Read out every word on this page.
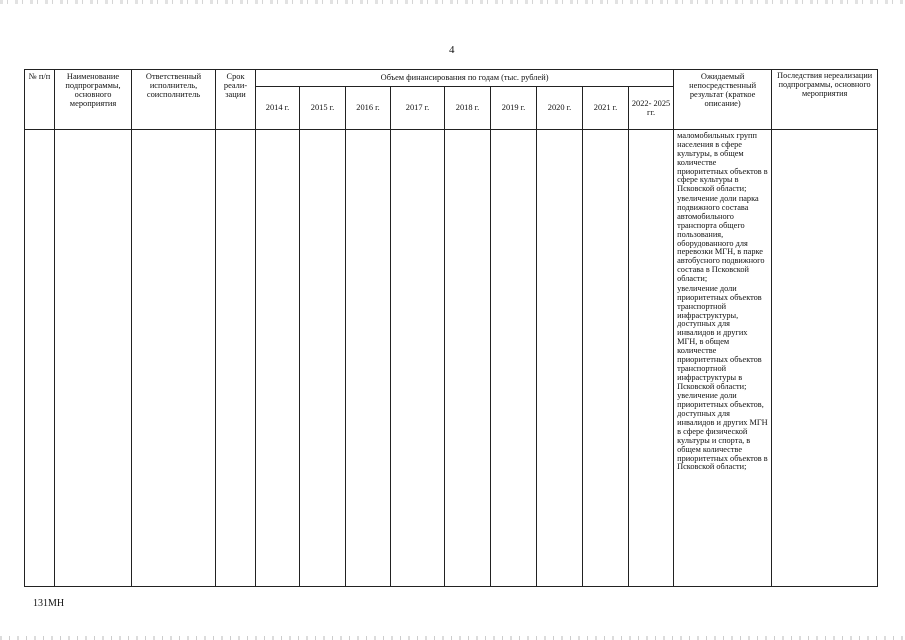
4
№ п/п	Наименование подпрограммы, основного мероприятия	Ответственный исполнитель, соисполнитель	Срок реали- зации	Объем финансирования по годам (тыс. рублей)									Ожидаемый непосредственный результат (краткое описание)	Последствия нереализации подпрограммы, основного мероприятия
				2014 г.	2015 г.	2016 г.	2017 г.	2018 г.	2019 г.	2020 г.	2021 г.	2022- 2025 гг.		

													маломобильных групп населения в сфере культуры, в общем количестве приоритетных объектов в сфере культуры в Псковской области;
увеличение доли парка подвижного состава автомобильного транспорта общего пользования, оборудованного для перевозки МГН, в парке автобусного подвижного состава в Псковской области;
увеличение доли приоритетных объектов транспортной инфраструктуры, доступных для инвалидов и других МГН, в общем количестве приоритетных объектов транспортной инфраструктуры в Псковской области;
увеличение доли приоритетных объектов, доступных для инвалидов и других МГН в сфере физической культуры и спорта, в общем количестве приоритетных объектов в Псковской области;	

131МН
